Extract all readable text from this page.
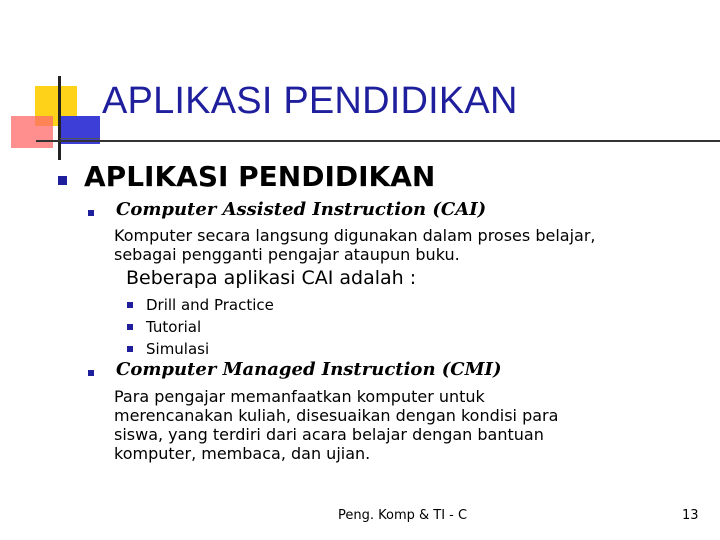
APLIKASI PENDIDIKAN
APLIKASI PENDIDIKAN
Computer Assisted Instruction (CAI)
Komputer secara langsung digunakan dalam proses belajar,
sebagai pengganti pengajar ataupun buku.
Beberapa aplikasi CAI adalah :
Drill and Practice
Tutorial
Simulasi
Computer Managed Instruction (CMI)
Para pengajar memanfaatkan komputer untuk
merencanakan kuliah, disesuaikan dengan kondisi para
siswa, yang terdiri dari acara belajar dengan bantuan
komputer, membaca, dan ujian.
Peng. Komp & TI - C	13
